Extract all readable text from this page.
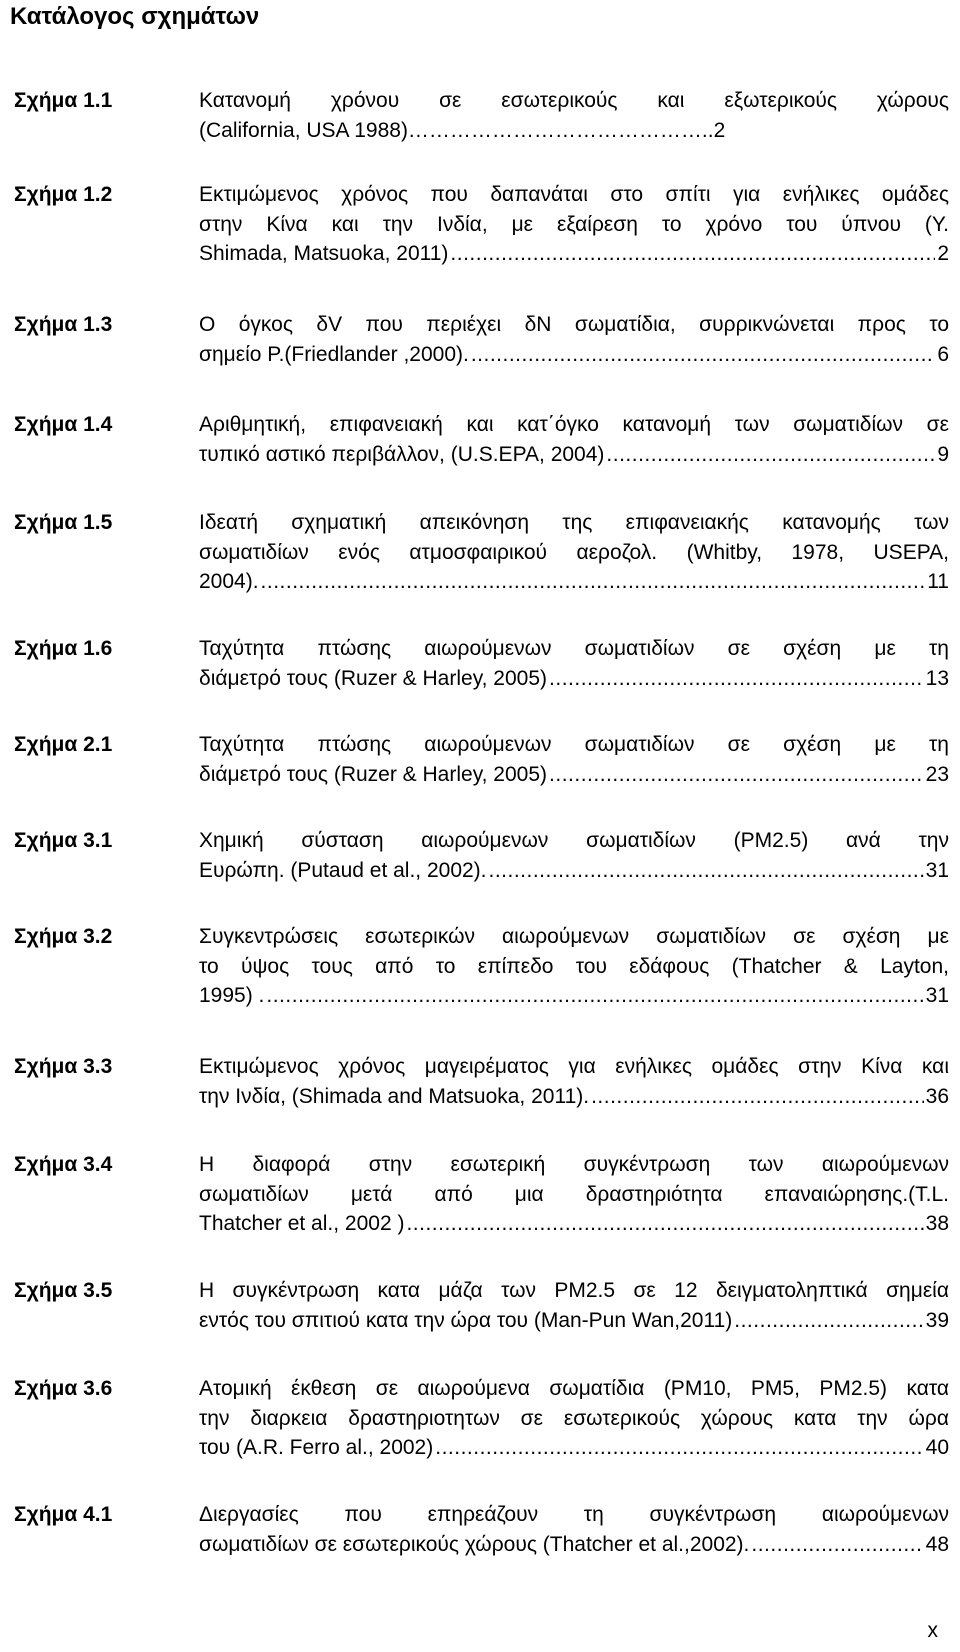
Κατάλογος σχημάτων
Σχήμα 1.1	Κατανομή χρόνου σε εσωτερικούς και εξωτερικούς χώρους
(California, USA 1988)…………………………………….. 2
Σχήμα 1.2	Εκτιμώμενος χρόνος που δαπανάται στο σπίτι για ενήλικες ομάδες
στην Κίνα και την Ινδία, με εξαίρεση το χρόνο του ύπνου (Y.
Shimada, Matsuoka, 2011) .....	2
Σχήμα 1.3	Ο όγκος δV που περιέχει δN σωματίδια, συρρικνώνεται προς το
σημείο P.(Friedlander ,2000). .....	6
Σχήμα 1.4	Αριθμητική, επιφανειακή και κατ΄όγκο κατανομή των σωματιδίων σε
τυπικό αστικό περιβάλλον, (U.S.EPA, 2004) .....	9
Σχήμα 1.5	Ιδεατή σχηματική απεικόνηση της επιφανειακής κατανομής των
σωματιδίων ενός ατμοσφαιρικού αεροζολ. (Whitby, 1978, USEPA,
2004). .....	11
Σχήμα 1.6	Ταχύτητα πτώσης αιωρούμενων σωματιδίων σε σχέση με τη
διάμετρό τους (Ruzer & Harley, 2005) .....	13
Σχήμα 2.1	Ταχύτητα πτώσης αιωρούμενων σωματιδίων σε σχέση με τη
διάμετρό τους (Ruzer & Harley, 2005) .....	23
Σχήμα 3.1	Χημική σύσταση αιωρούμενων σωματιδίων (PM2.5) ανά την
Ευρώπη. (Putaud et al., 2002). .....	31
Σχήμα 3.2	Συγκεντρώσεις εσωτερικών αιωρούμενων σωματιδίων σε σχέση με
το ύψος τους από το επίπεδο του εδάφους (Thatcher & Layton,
1995) . .....	31
Σχήμα 3.3	Εκτιμώμενος χρόνος μαγειρέματος για ενήλικες ομάδες στην Κίνα και
την Ινδία, (Shimada and Matsuoka, 2011). .....	36
Σχήμα 3.4	Η διαφορά στην εσωτερική συγκέντρωση των αιωρούμενων
σωματιδίων μετά από μια δραστηριότητα επαναιώρησης.(T.L.
Thatcher et al., 2002 ) .....	38
Σχήμα 3.5	Η συγκέντρωση κατα μάζα των PM2.5 σε 12 δειγματοληπτικά σημεία
εντός του σπιτιού κατα την ώρα του (Man-Pun Wan,2011) .....	39
Σχήμα 3.6	Ατομική έκθεση σε αιωρούμενα σωματίδια (PM10, PM5, PM2.5) κατα
την διαρκεια δραστηριοτητων σε εσωτερικούς χώρους κατα την ώρα
του (A.R. Ferro al., 2002) .....	40
Σχήμα 4.1	Διεργασίες που επηρεάζουν τη συγκέντρωση αιωρούμενων
σωματιδίων σε εσωτερικούς χώρους (Thatcher et al.,2002). .....	48
x
